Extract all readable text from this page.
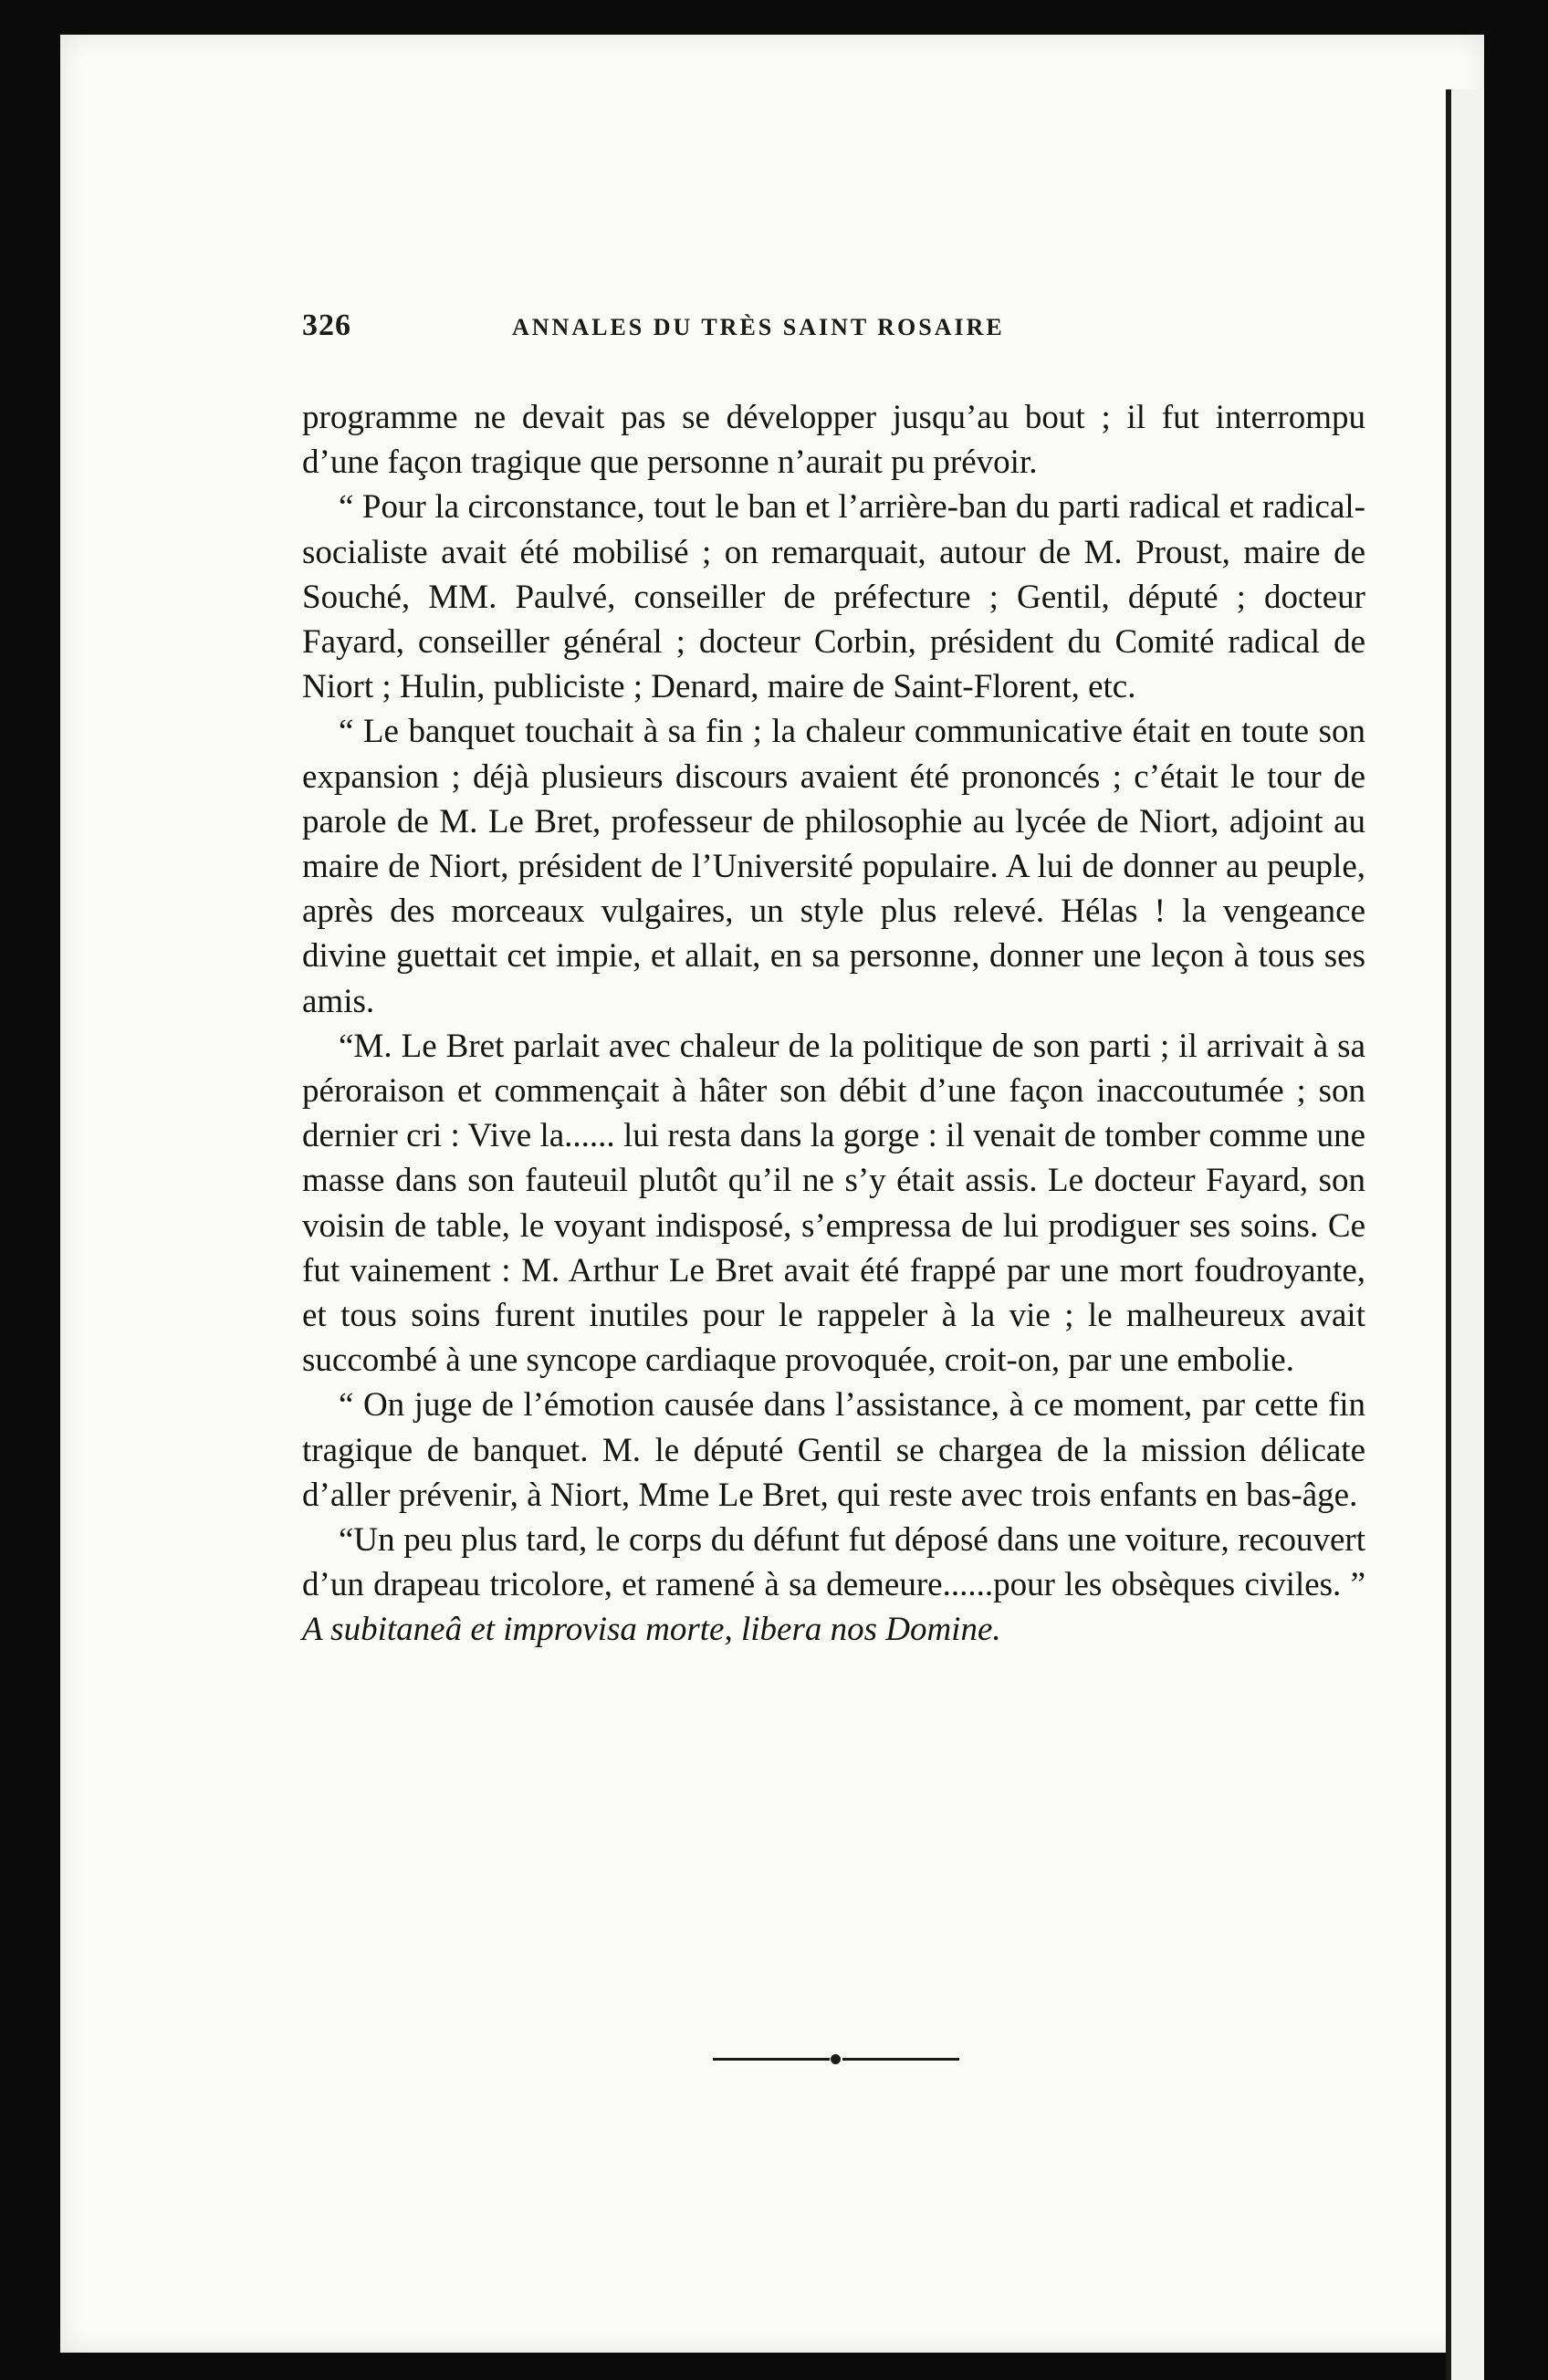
326	ANNALES DU TRÈS SAINT ROSAIRE

programme ne devait pas se développer jusqu’au bout ; il fut interrompu d’une façon tragique que personne n’aurait pu prévoir.

“ Pour la circonstance, tout le ban et l’arrière-ban du parti radical et radical-socialiste avait été mobilisé ; on remarquait, autour de M. Proust, maire de Souché, MM. Paulvé, conseiller de préfecture ; Gentil, député ; docteur Fayard, conseiller général ; docteur Corbin, président du Comité radical de Niort ; Hulin, publiciste ; Denard, maire de Saint-Florent, etc.

“ Le banquet touchait à sa fin ; la chaleur communicative était en toute son expansion ; déjà plusieurs discours avaient été prononcés ; c’était le tour de parole de M. Le Bret, professeur de philosophie au lycée de Niort, adjoint au maire de Niort, président de l’Université populaire. A lui de donner au peuple, après des morceaux vulgaires, un style plus relevé. Hélas ! la vengeance divine guettait cet impie, et allait, en sa personne, donner une leçon à tous ses amis.

“M. Le Bret parlait avec chaleur de la politique de son parti ; il arrivait à sa péroraison et commençait à hâter son débit d’une façon inaccoutumée ; son dernier cri : Vive la...... lui resta dans la gorge : il venait de tomber comme une masse dans son fauteuil plutôt qu’il ne s’y était assis. Le docteur Fayard, son voisin de table, le voyant indisposé, s’empressa de lui prodiguer ses soins. Ce fut vainement : M. Arthur Le Bret avait été frappé par une mort foudroyante, et tous soins furent inutiles pour le rappeler à la vie ; le malheureux avait succombé à une syncope cardiaque provoquée, croit-on, par une embolie.

“ On juge de l’émotion causée dans l’assistance, à ce moment, par cette fin tragique de banquet. M. le député Gentil se chargea de la mission délicate d’aller prévenir, à Niort, Mme Le Bret, qui reste avec trois enfants en bas-âge.

“Un peu plus tard, le corps du défunt fut déposé dans une voiture, recouvert d’un drapeau tricolore, et ramené à sa demeure......pour les obsèques civiles. ” A subitaneâ et improvisa morte, libera nos Domine.
